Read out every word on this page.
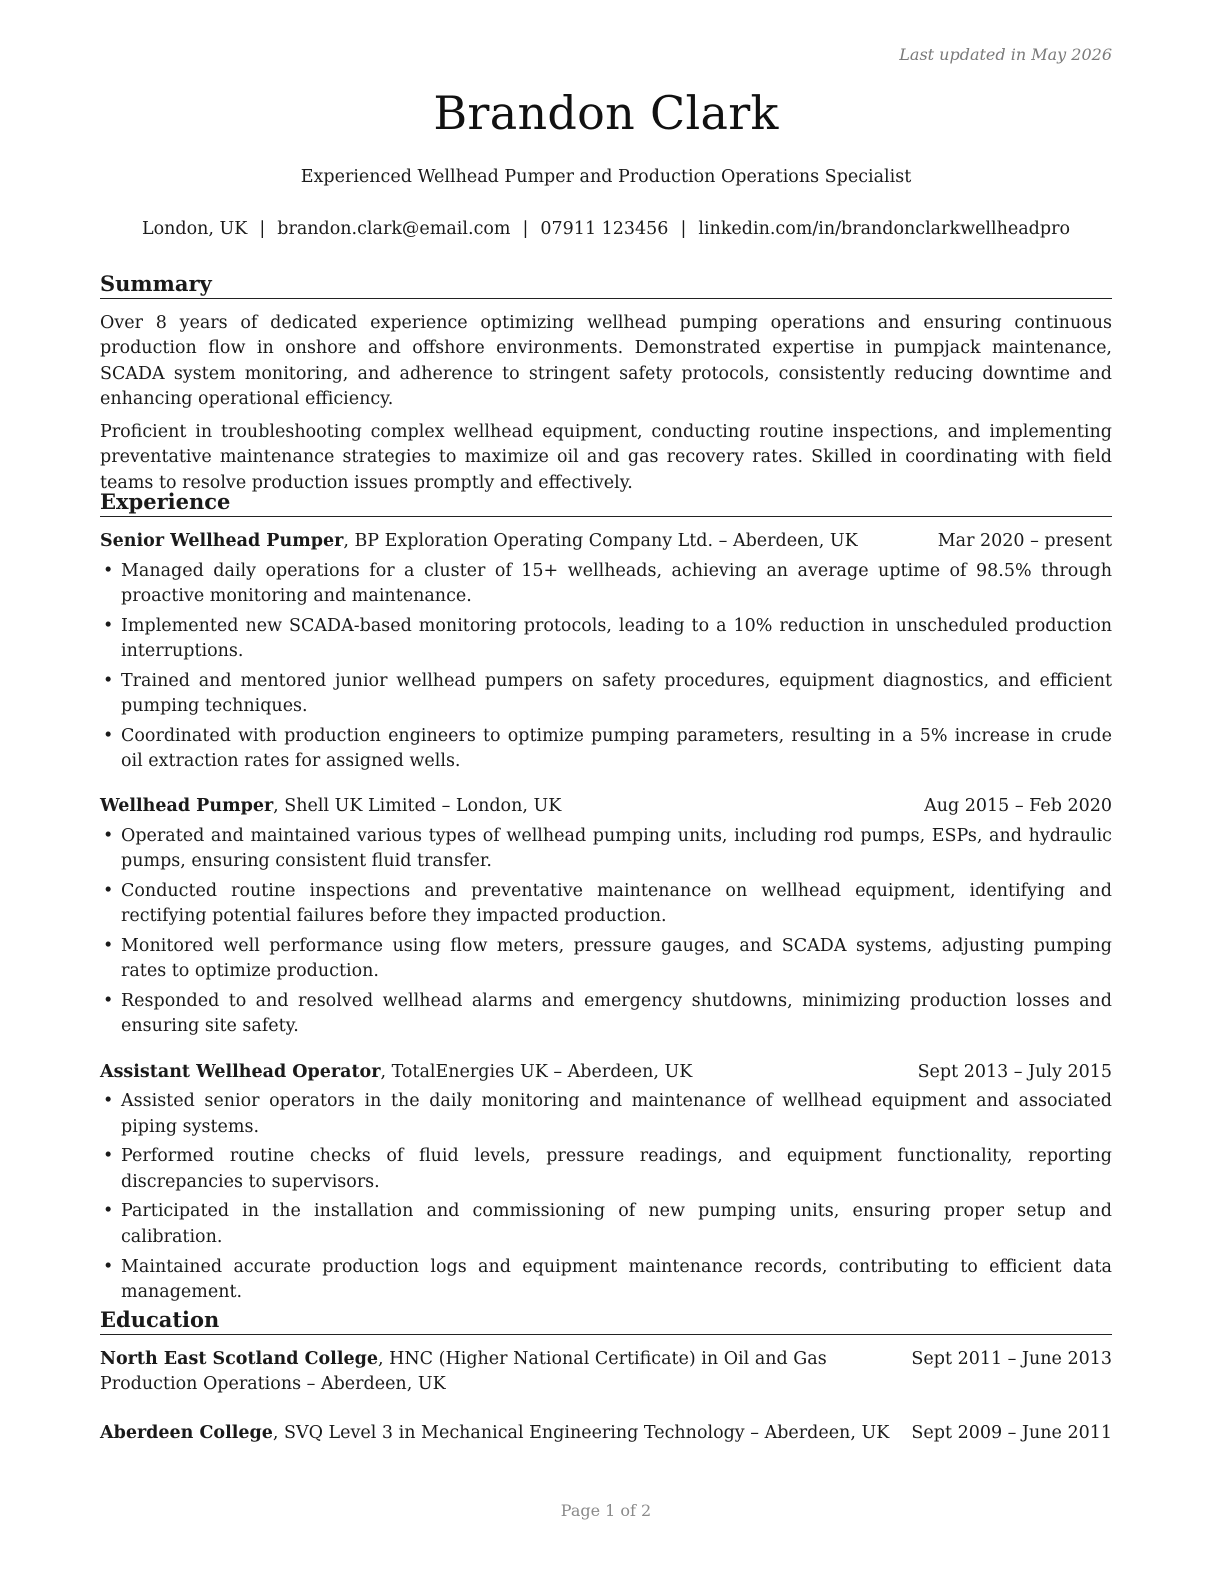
Last updated in May 2026
Brandon Clark
Experienced Wellhead Pumper and Production Operations Specialist
London, UK | brandon.clark@email.com | 07911 123456 | linkedin.com/in/brandonclarkwellheadpro
Summary

Over 8 years of dedicated experience optimizing wellhead pumping operations and ensuring continuous production flow in onshore and offshore environments. Demonstrated expertise in pumpjack maintenance, SCADA system monitoring, and adherence to stringent safety protocols, consistently reducing downtime and enhancing operational efficiency.

Proficient in troubleshooting complex wellhead equipment, conducting routine inspections, and implementing preventative maintenance strategies to maximize oil and gas recovery rates. Skilled in coordinating with field teams to resolve production issues promptly and effectively.

Experience
Senior Wellhead Pumper, BP Exploration Operating Company Ltd. – Aberdeen, UK	Mar 2020 – present
• Managed daily operations for a cluster of 15+ wellheads, achieving an average uptime of 98.5% through proactive monitoring and maintenance.
• Implemented new SCADA-based monitoring protocols, leading to a 10% reduction in unscheduled production interruptions.
• Trained and mentored junior wellhead pumpers on safety procedures, equipment diagnostics, and efficient pumping techniques.
• Coordinated with production engineers to optimize pumping parameters, resulting in a 5% increase in crude oil extraction rates for assigned wells.
Wellhead Pumper, Shell UK Limited – London, UK	Aug 2015 – Feb 2020
• Operated and maintained various types of wellhead pumping units, including rod pumps, ESPs, and hydraulic pumps, ensuring consistent fluid transfer.
• Conducted routine inspections and preventative maintenance on wellhead equipment, identifying and rectifying potential failures before they impacted production.
• Monitored well performance using flow meters, pressure gauges, and SCADA systems, adjusting pumping rates to optimize production.
• Responded to and resolved wellhead alarms and emergency shutdowns, minimizing production losses and ensuring site safety.
Assistant Wellhead Operator, TotalEnergies UK – Aberdeen, UK	Sept 2013 – July 2015
• Assisted senior operators in the daily monitoring and maintenance of wellhead equipment and associated piping systems.
• Performed routine checks of fluid levels, pressure readings, and equipment functionality, reporting discrepancies to supervisors.
• Participated in the installation and commissioning of new pumping units, ensuring proper setup and calibration.
• Maintained accurate production logs and equipment maintenance records, contributing to efficient data management.
Education
North East Scotland College, HNC (Higher National Certificate) in Oil and Gas Production Operations – Aberdeen, UK
Sept 2011 – June 2013
Aberdeen College, SVQ Level 3 in Mechanical Engineering Technology – Aberdeen, UK Sept 2009 – June 2011
Page 1 of 2
